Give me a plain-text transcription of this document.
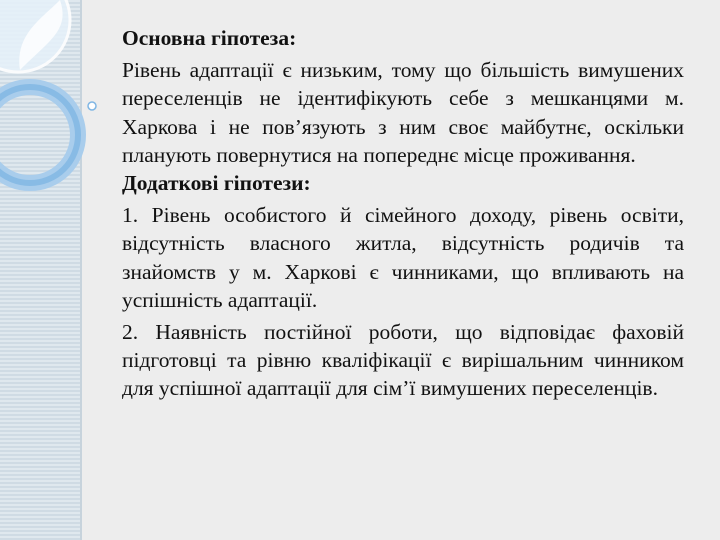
Основна гіпотеза:

Рівень адаптації є низьким, тому що більшість вимушених переселенців не ідентифікують себе з мешканцями м. Харкова і не пов’язують з ним своє майбутнє, оскільки планують повернутися на попереднє місце проживання.

Додаткові гіпотези:

1. Рівень особистого й сімейного доходу, рівень освіти, відсутність власного житла, відсутність родичів та знайомств у м. Харкові є чинниками, що впливають на успішність адаптації.

2. Наявність постійної роботи, що відповідає фаховій підготовці та рівню кваліфікації є вирішальним чинником для успішної адаптації для сім’ї вимушених переселенців.
